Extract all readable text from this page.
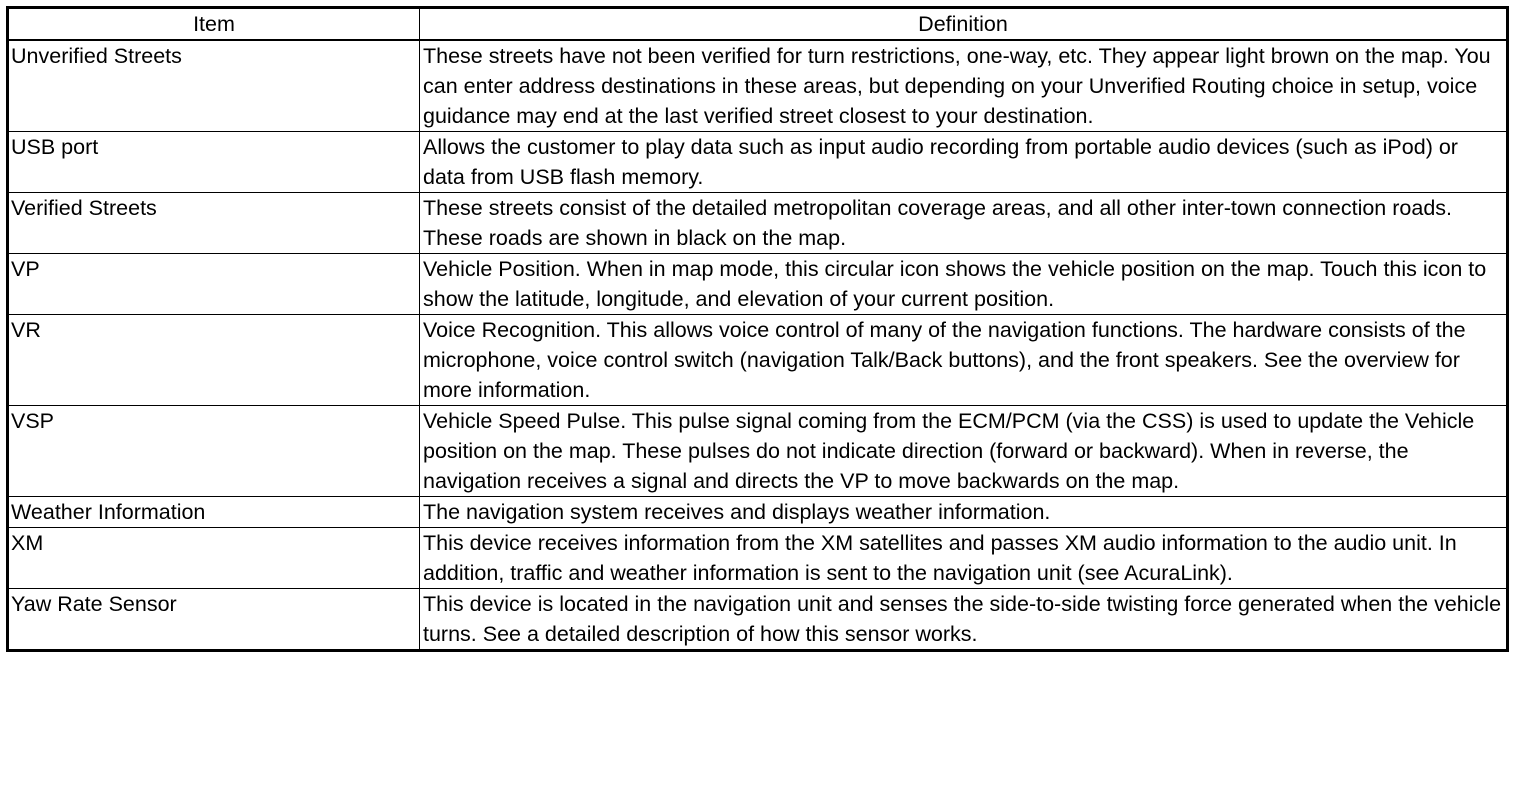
Item	Definition
Unverified Streets	These streets have not been verified for turn restrictions, one-way, etc. They appear light brown on the map. You can enter address destinations in these areas, but depending on your Unverified Routing choice in setup, voice guidance may end at the last verified street closest to your destination.
USB port	Allows the customer to play data such as input audio recording from portable audio devices (such as iPod) or data from USB flash memory.
Verified Streets	These streets consist of the detailed metropolitan coverage areas, and all other inter-town connection roads. These roads are shown in black on the map.
VP	Vehicle Position. When in map mode, this circular icon shows the vehicle position on the map. Touch this icon to show the latitude, longitude, and elevation of your current position.
VR	Voice Recognition. This allows voice control of many of the navigation functions. The hardware consists of the microphone, voice control switch (navigation Talk/Back buttons), and the front speakers. See the overview for more information.
VSP	Vehicle Speed Pulse. This pulse signal coming from the ECM/PCM (via the CSS) is used to update the Vehicle position on the map. These pulses do not indicate direction (forward or backward). When in reverse, the navigation receives a signal and directs the VP to move backwards on the map.
Weather Information	The navigation system receives and displays weather information.
XM	This device receives information from the XM satellites and passes XM audio information to the audio unit. In addition, traffic and weather information is sent to the navigation unit (see AcuraLink).
Yaw Rate Sensor	This device is located in the navigation unit and senses the side-to-side twisting force generated when the vehicle turns. See a detailed description of how this sensor works.
